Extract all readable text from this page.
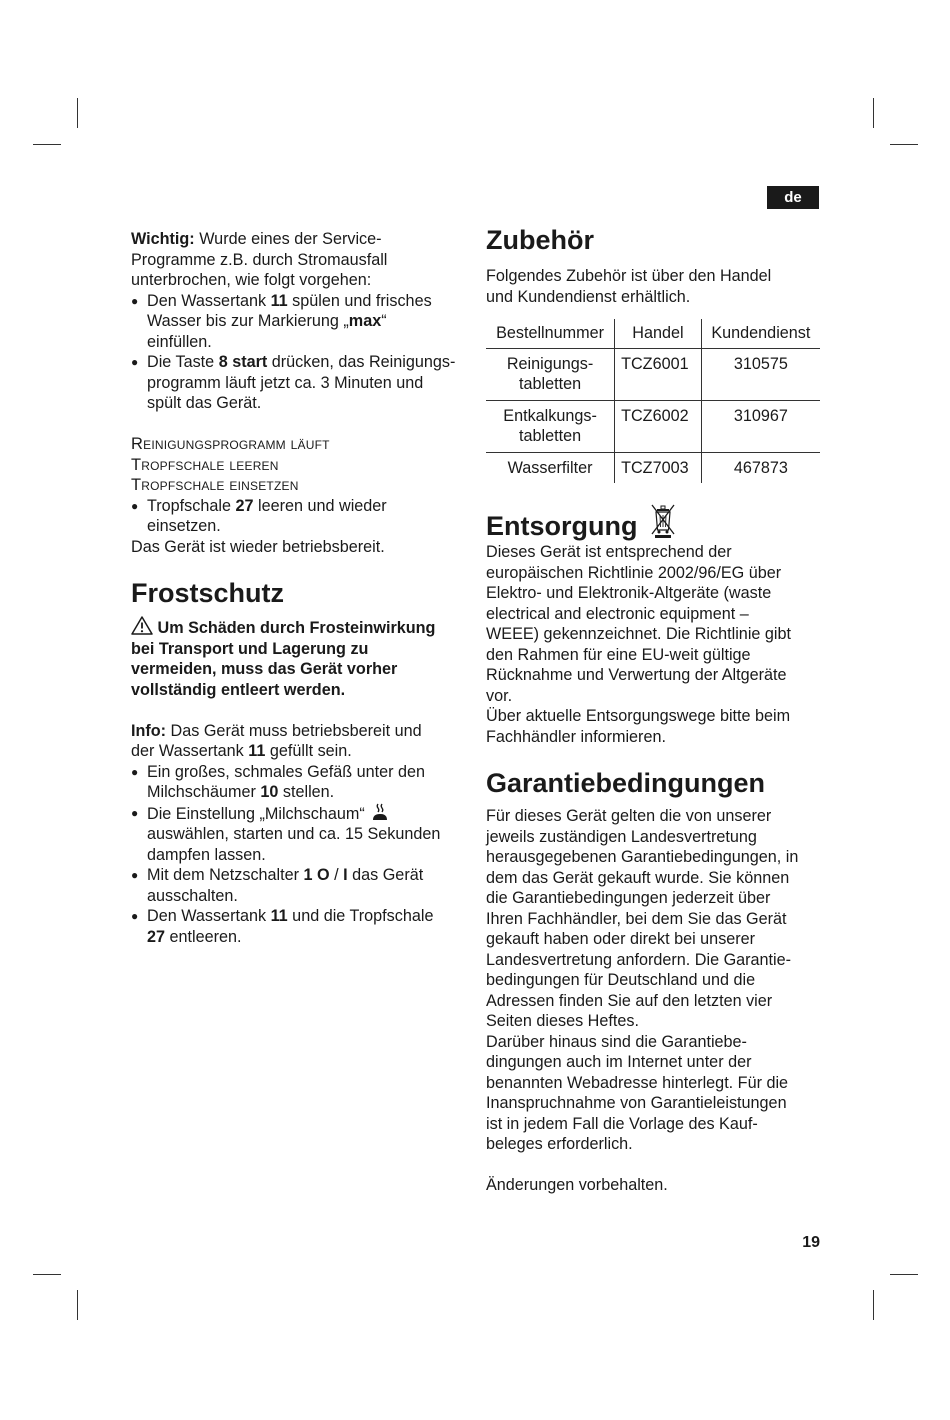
de

Wichtig: Wurde eines der Service-
Programme z.B. durch Stromausfall
unterbrochen, wie folgt vorgehen:

● Den Wassertank 11 spülen und frisches
Wasser bis zur Markierung „max“
einfüllen.
● Die Taste 8 start drücken, das Reinigungs-
programm läuft jetzt ca. 3 Minuten und
spült das Gerät.
Reinigungsprogramm läuft
Tropfschale leeren
Tropfschale einsetzen
● Tropfschale 27 leeren und wieder
einsetzen.

Das Gerät ist wieder betriebsbereit.

Frostschutz

Um Schäden durch Frosteinwirkung
bei Transport und Lagerung zu
vermeiden, muss das Gerät vorher
vollständig entleert werden.

Info: Das Gerät muss betriebsbereit und
der Wassertank 11 gefüllt sein.

● Ein großes, schmales Gefäß unter den
Milchschäumer 10 stellen.
● Die Einstellung „Milchschaum“
auswählen, starten und ca. 15 Sekunden
dampfen lassen.
● Mit dem Netzschalter 1 O / I das Gerät
ausschalten.
● Den Wassertank 11 und die Tropfschale
27 entleeren.
Zubehör

Folgendes Zubehör ist über den Handel
und Kundendienst erhältlich.

Bestellnummer	Handel	Kundendienst
Reinigungs-
tabletten	TCZ6001	310575
Entkalkungs-
tabletten	TCZ6002	310967
Wasserfilter	TCZ7003	467873
Entsorgung

Dieses Gerät ist entsprechend der
europäischen Richtlinie 2002/96/EG über
Elektro- und Elektronik-Altgeräte (waste
electrical and electronic equipment –
WEEE) gekennzeichnet. Die Richtlinie gibt
den Rahmen für eine EU-weit gültige
Rücknahme und Verwertung der Altgeräte
vor.
Über aktuelle Entsorgungswege bitte beim
Fachhändler informieren.

Garantiebedingungen

Für dieses Gerät gelten die von unserer
jeweils zuständigen Landesvertretung
herausgegebenen Garantiebedingungen, in
dem das Gerät gekauft wurde. Sie können
die Garantiebedingungen jederzeit über
Ihren Fachhändler, bei dem Sie das Gerät
gekauft haben oder direkt bei unserer
Landesvertretung anfordern. Die Garantie-
bedingungen für Deutschland und die
Adressen finden Sie auf den letzten vier
Seiten dieses Heftes.
Darüber hinaus sind die Garantiebe-
dingungen auch im Internet unter der
benannten Webadresse hinterlegt. Für die
Inanspruchnahme von Garantieleistungen
ist in jedem Fall die Vorlage des Kauf-
beleges erforderlich.

Änderungen vorbehalten.

19
